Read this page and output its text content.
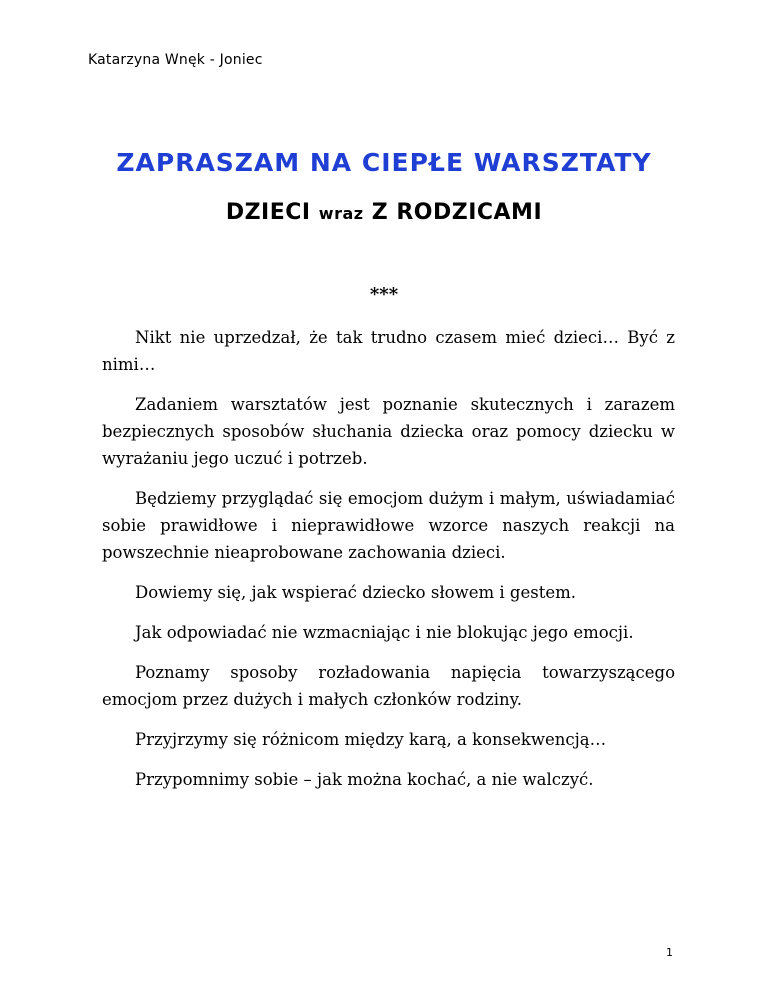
Katarzyna Wnęk - Joniec
ZAPRASZAM NA CIEPŁE WARSZTATY
DZIECI wraz Z RODZICAMI
***

Nikt nie uprzedzał, że tak trudno czasem mieć dzieci… Być z nimi…

Zadaniem warsztatów jest poznanie skutecznych i zarazem bezpiecznych sposobów słuchania dziecka oraz pomocy dziecku w wyrażaniu jego uczuć i potrzeb.

Będziemy przyglądać się emocjom dużym i małym, uświadamiać sobie prawidłowe i nieprawidłowe wzorce naszych reakcji na powszechnie nieaprobowane zachowania dzieci.

Dowiemy się, jak wspierać dziecko słowem i gestem.

Jak odpowiadać nie wzmacniając i nie blokując jego emocji.

Poznamy sposoby rozładowania napięcia towarzyszącego emocjom przez dużych i małych członków rodziny.

Przyjrzymy się różnicom między karą, a konsekwencją…

Przypomnimy sobie – jak można kochać, a nie walczyć.

1
